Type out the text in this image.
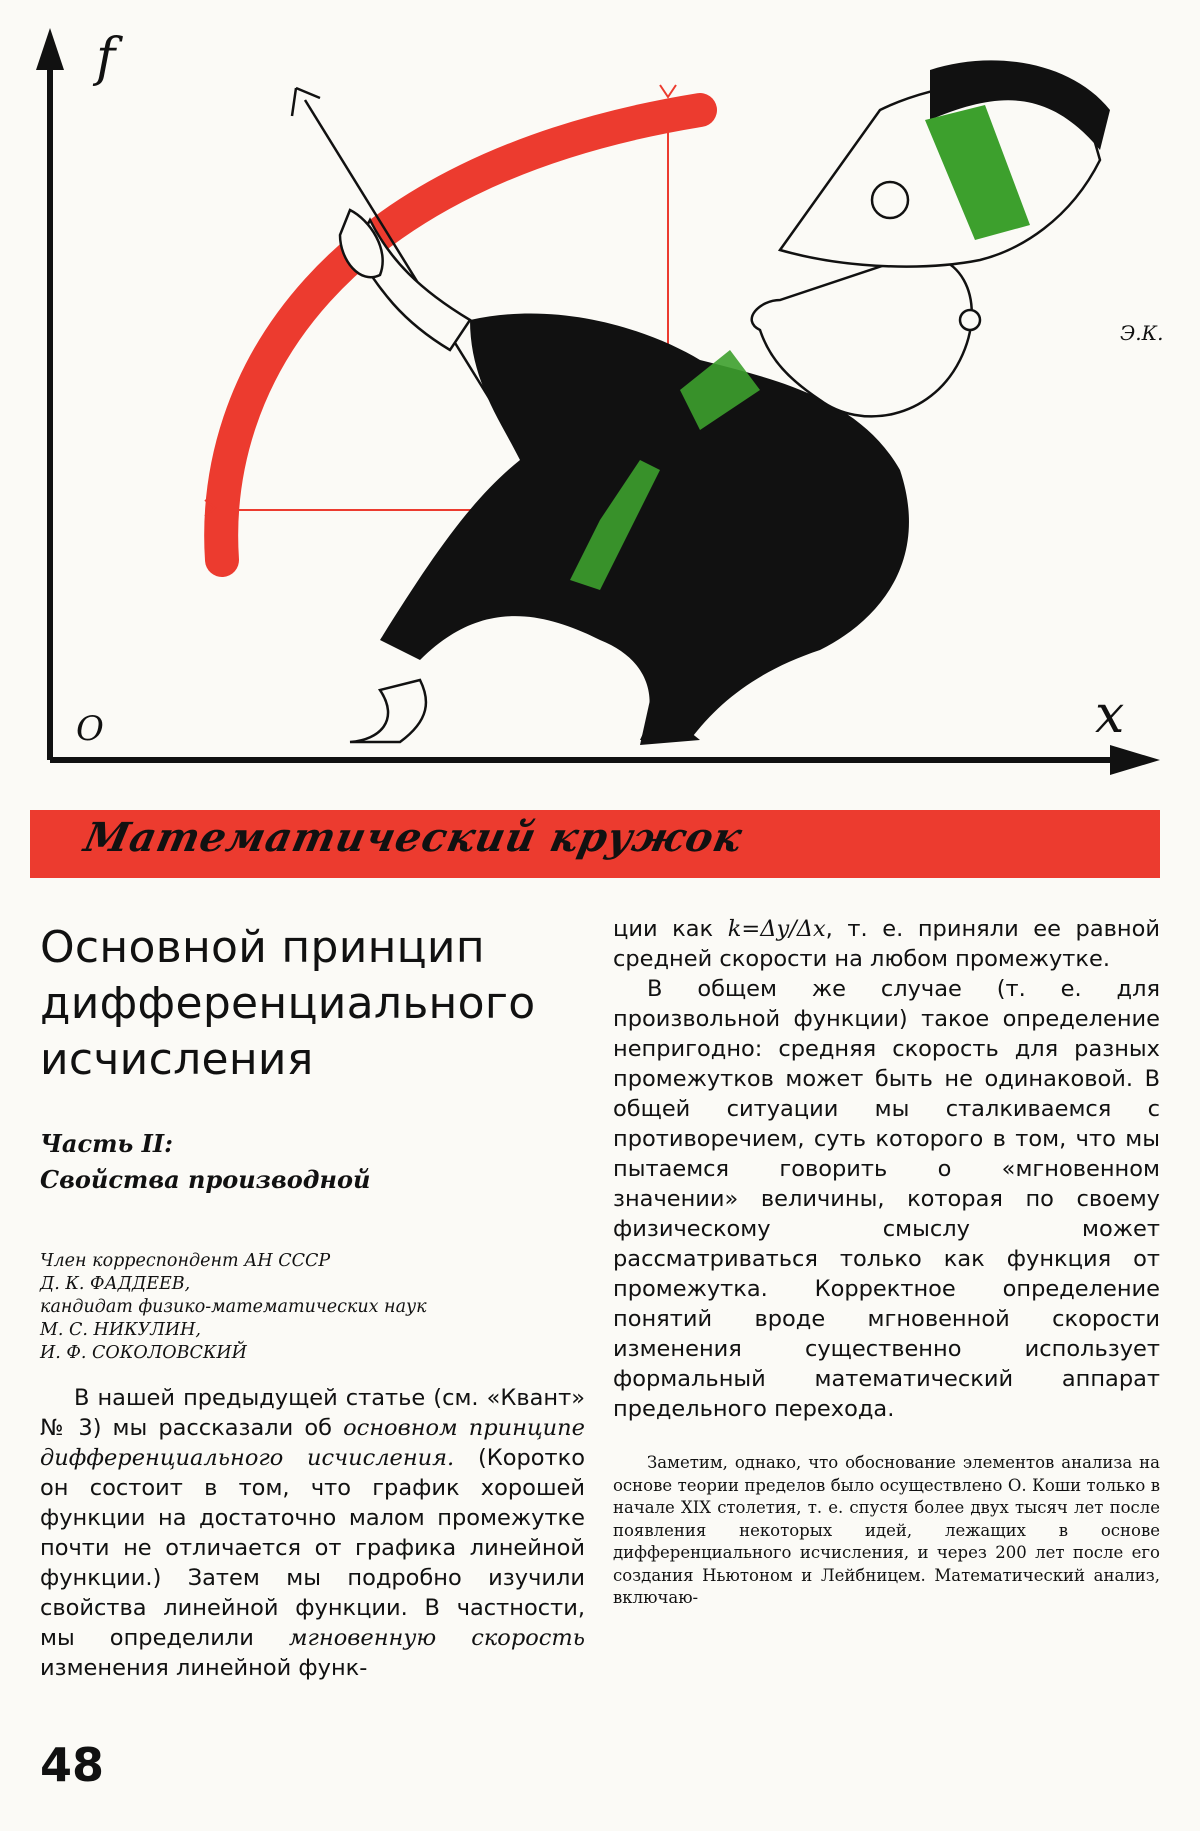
f
x
O
Э.К.
Математический кружок
Основной принцип
дифференциального
исчисления
Часть II:
Свойства производной
Член корреспондент АН СССР
Д. К. ФАДДЕЕВ,
кандидат физико-математических наук
М. С. НИКУЛИН,
И. Ф. СОКОЛОВСКИЙ

В нашей предыдущей статье (см. «Квант» № 3) мы рассказали об основном принципе дифференциального исчисления. (Коротко он состоит в том, что график хорошей функции на достаточно малом промежутке почти не отличается от графика линейной функции.) Затем мы подробно изучили свойства линейной функции. В частности, мы определили мгновенную скорость изменения линейной функ-

ции как k=Δy/Δx, т. е. приняли ее равной средней скорости на любом промежутке.

В общем же случае (т. е. для произвольной функции) такое определение непригодно: средняя скорость для разных промежутков может быть не одинаковой. В общей ситуации мы сталкиваемся с противоречием, суть которого в том, что мы пытаемся говорить о «мгновенном значении» величины, которая по своему физическому смыслу может рассматриваться только как функция от промежутка. Корректное определение понятий вроде мгновенной скорости изменения существенно использует формальный математический аппарат предельного перехода.

Заметим, однако, что обоснование элементов анализа на основе теории пределов было осуществлено О. Коши только в начале XIX столетия, т. е. спустя более двух тысяч лет после появления некоторых идей, лежащих в основе дифференциального исчисления, и через 200 лет после его создания Ньютоном и Лейбницем. Математический анализ, включаю-
48
